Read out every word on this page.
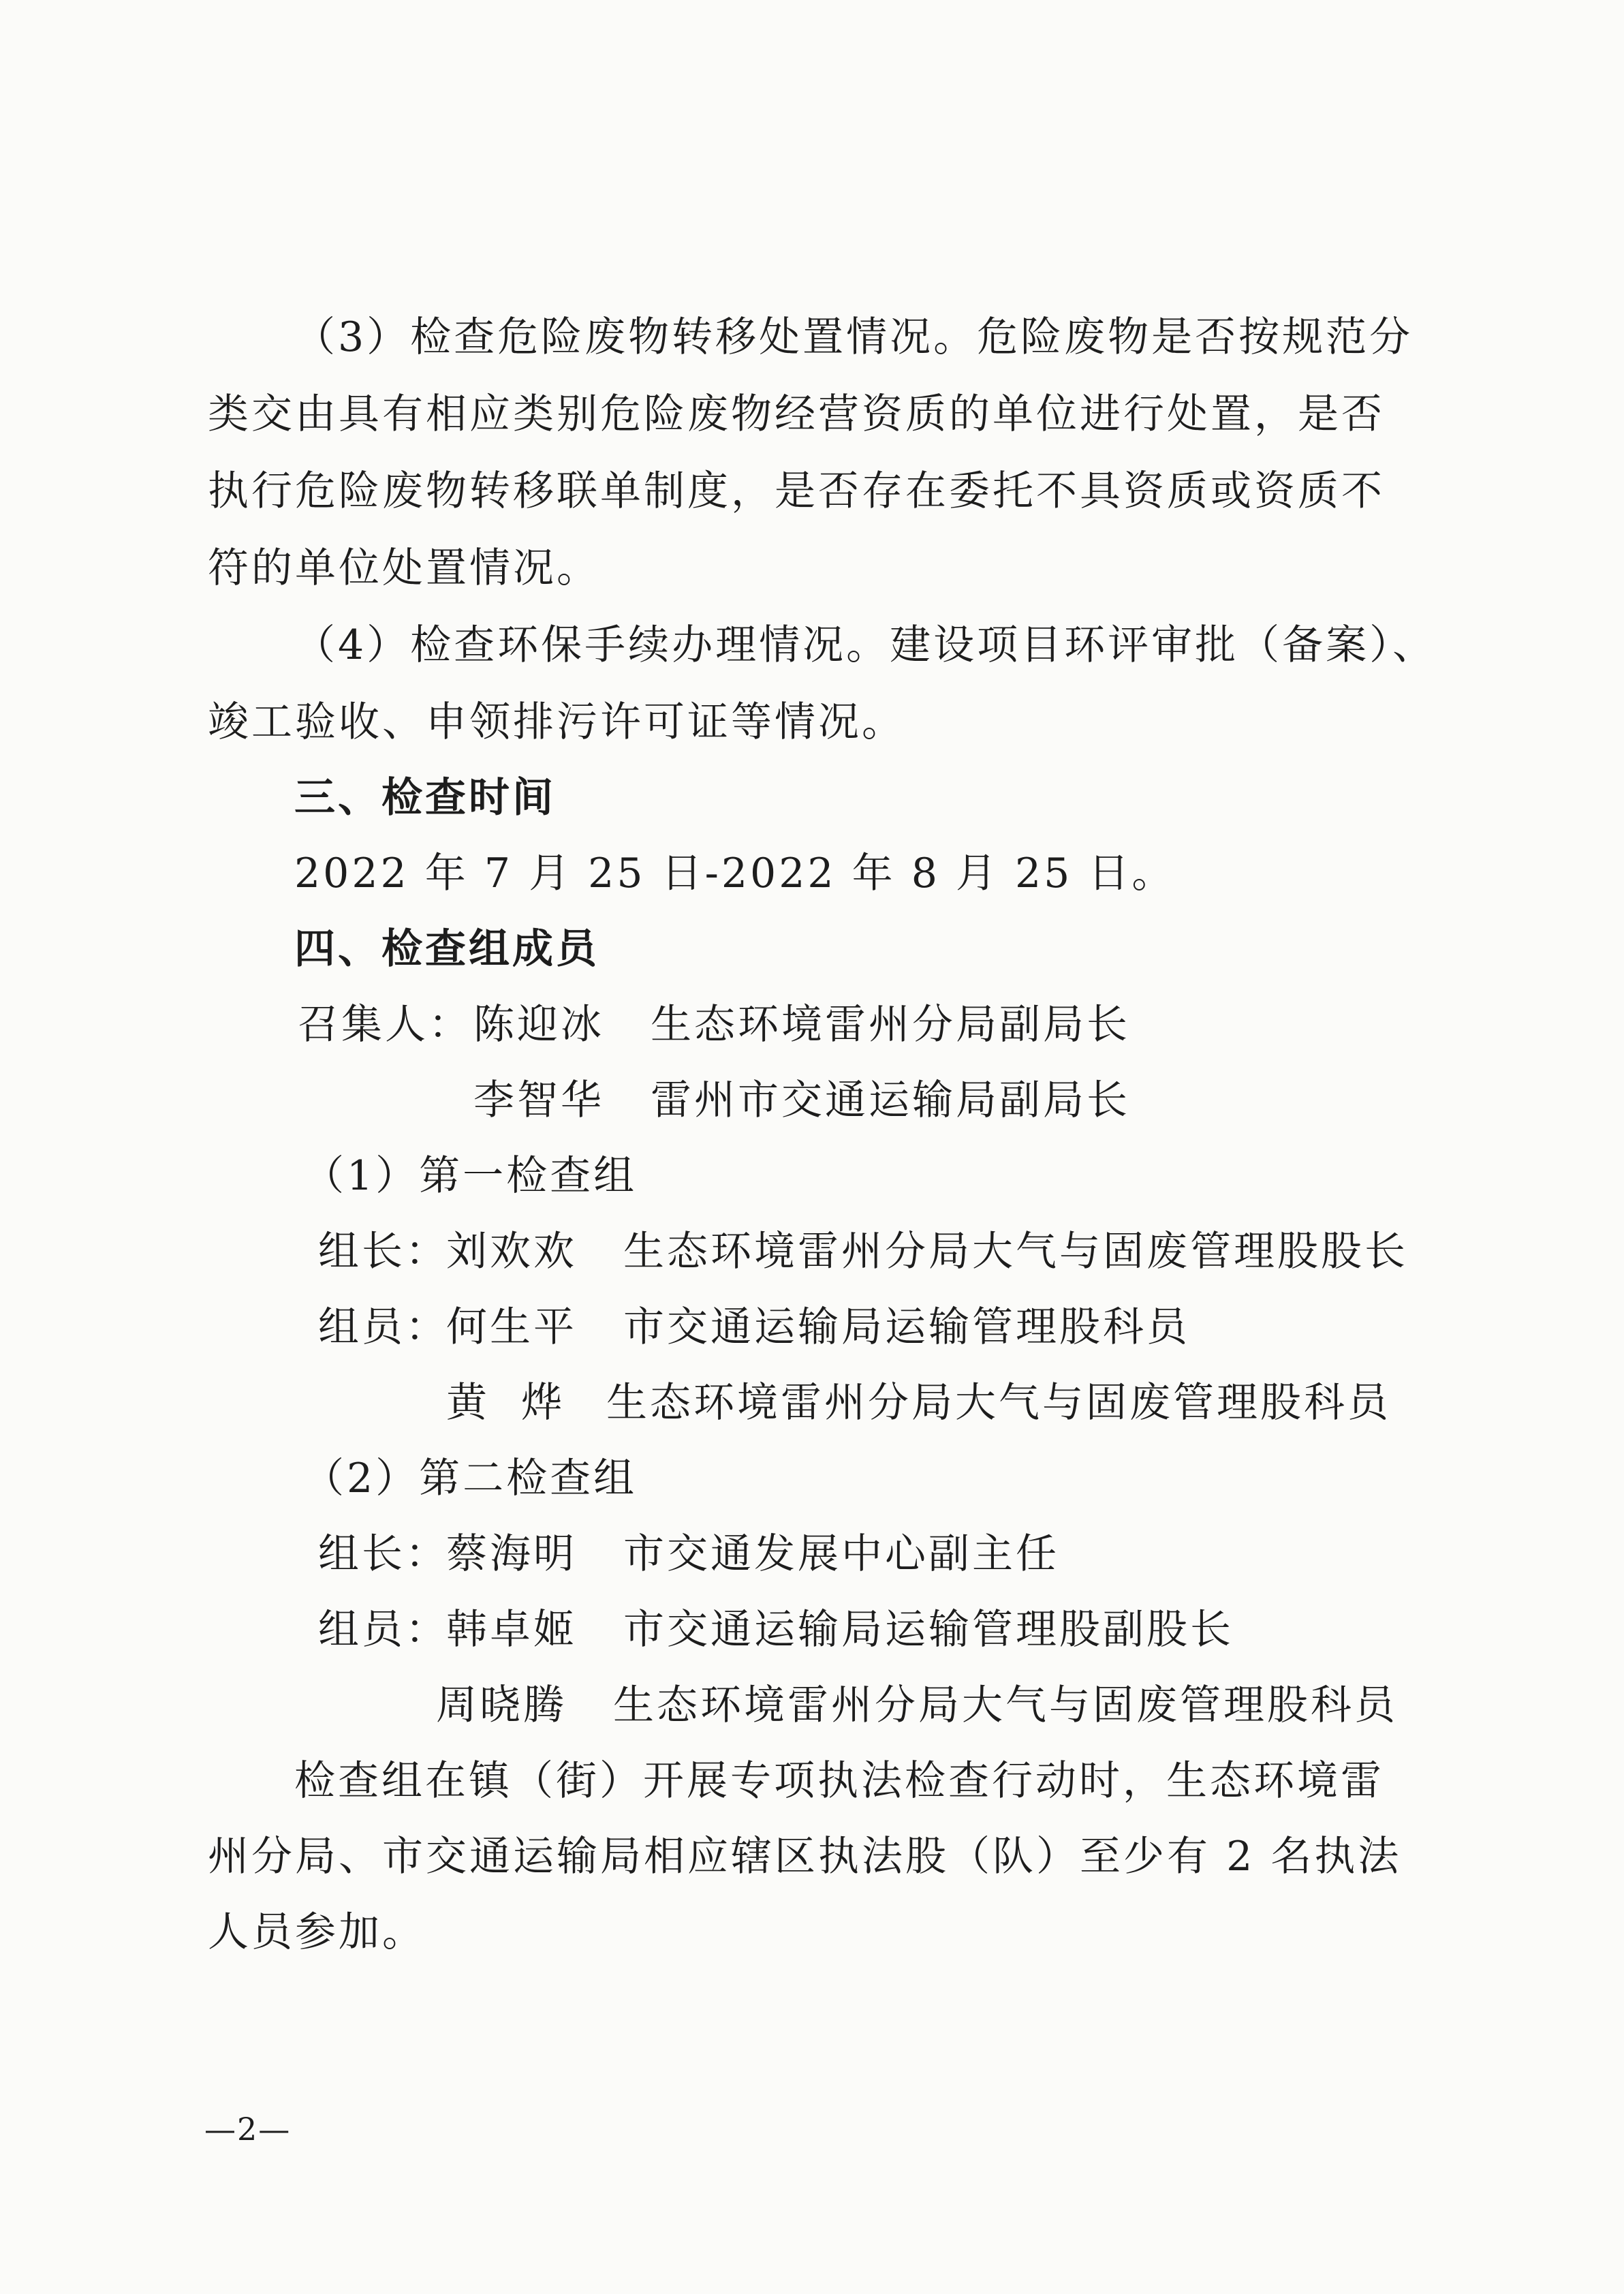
（3）检查危险废物转移处置情况。危险废物是否按规范分
类交由具有相应类别危险废物经营资质的单位进行处置，是否
执行危险废物转移联单制度，是否存在委托不具资质或资质不
符的单位处置情况。
（4）检查环保手续办理情况。建设项目环评审批（备案）、
竣工验收、申领排污许可证等情况。
三、检查时间
2022 年 7 月 25 日-2022 年 8 月 25 日。
四、检查组成员
召集人： 陈迎冰 生态环境雷州分局副局长
李智华 雷州市交通运输局副局长
（1）第一检查组
组长：
刘欢欢 生态环境雷州分局大气与固废管理股股长
组员：
何生平 市交通运输局运输管理股科员
黄  烨 生态环境雷州分局大气与固废管理股科员
（2）第二检查组
组长：
蔡海明 市交通发展中心副主任
组员：
韩卓姬 市交通运输局运输管理股副股长
周晓腾 生态环境雷州分局大气与固废管理股科员
检查组在镇（街）开展专项执法检查行动时，生态环境雷
州分局、市交通运输局相应辖区执法股（队）至少有 2 名执法
人员参加。
—2—
